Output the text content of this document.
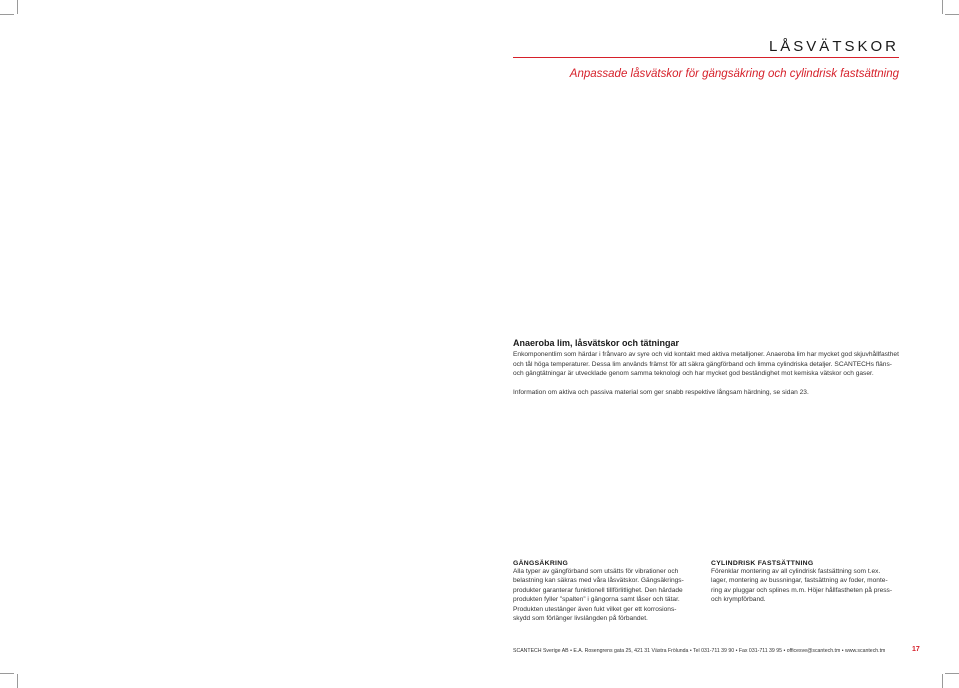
LÅSVÄTSKOR
Anpassade låsvätskor för gängsäkring och cylindrisk fastsättning
Anaeroba lim, låsvätskor och tätningar

Enkomponentlim som härdar i frånvaro av syre och vid kontakt med aktiva metalljoner. Anaeroba lim har mycket god skjuvhållfasthet och tål höga temperaturer. Dessa lim används främst för att säkra gängförband och limma cylindriska detaljer. SCANTECHs fläns- och gängtätningar är utvecklade genom samma teknologi och har mycket god beständighet mot kemiska vätskor och gaser.

Information om aktiva och passiva material som ger snabb respektive långsam härdning, se sidan 23.

GÄNGSÄKRING
Alla typer av gängförband som utsätts för vibrationer och
belastning kan säkras med våra låsvätskor. Gängsäkrings-
produkter garanterar funktionell tillförlitlighet. Den härdade
produkten fyller ”spalten” i gängorna samt låser och tätar.
Produkten utestänger även fukt vilket ger ett korrosions-
skydd som förlänger livslängden på förbandet.
CYLINDRISK FASTSÄTTNING
Förenklar montering av all cylindrisk fastsättning som t.ex.
lager, montering av bussningar, fastsättning av foder, monte-
ring av pluggar och splines m.m. Höjer hållfastheten på press-
och krympförband.
SCANTECH Sverige AB • E.A. Rosengrens gata 25, 421 31 Västra Frölunda • Tel 031-711 39 90 • Fax 031-711 39 95 • officesve@scantech.tm • www.scantech.tm	17
